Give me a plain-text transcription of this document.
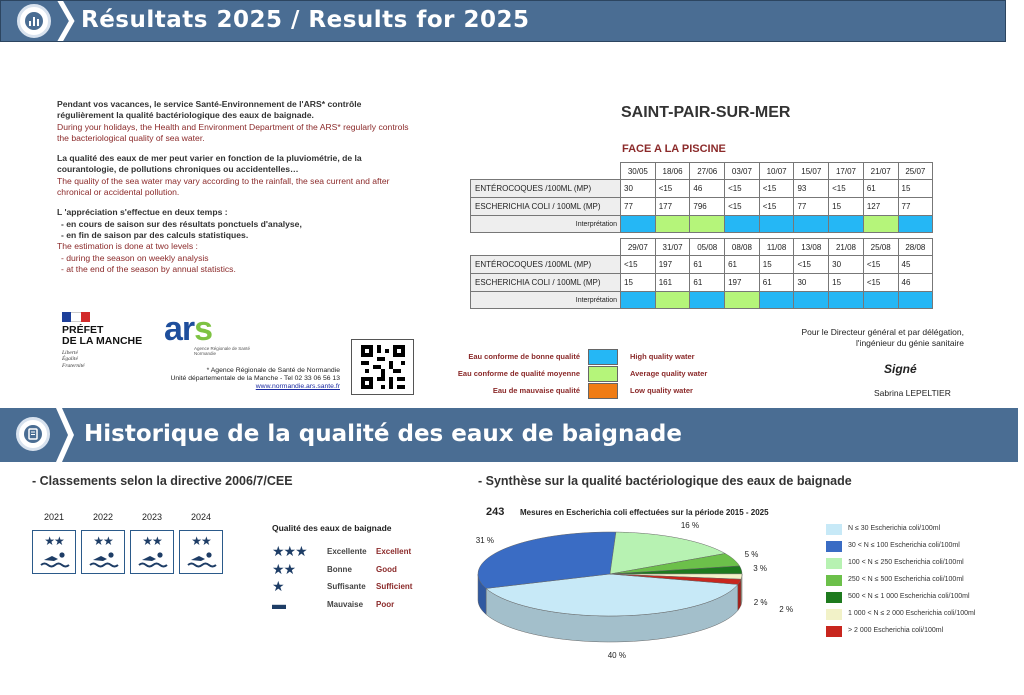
Résultats 2025 / Results for 2025

Pendant vos vacances, le service Santé-Environnement de l'ARS* contrôle régulièrement la qualité bactériologique des eaux de baignade.
During your holidays, the Health and Environment Department of the ARS* regularly controls the bacteriological quality of sea water.

La qualité des eaux de mer peut varier en fonction de la pluviométrie, de la courantologie, de pollutions chroniques ou accidentelles…
The quality of the sea water may vary according to the rainfall, the sea current and after chronical or accidental pollution.

L 'appréciation s'effectue en deux temps :
- en cours de saison sur des résultats ponctuels d'analyse,
- en fin de saison par des calculs statistiques.
The estimation is done at two levels :
- during the season on weekly analysis
- at the end of the season by annual statistics.

PRÉFET
DE LA MANCHE
Liberté
Égalité
Fraternité
ars
Agence Régionale de Santé Normandie
* Agence Régionale de Santé de Normandie
Unité départementale de la Manche - Tel 02 33 06 56 13
www.normandie.ars.sante.fr
SAINT-PAIR-SUR-MER
FACE A LA PISCINE
	30/05	18/06	27/06	03/07	10/07	15/07	17/07	21/07	25/07
ENTÉROCOQUES /100ML (MP)	30	<15	46	<15	<15	93	<15	61	15
ESCHERICHIA COLI / 100ML (MP)	77	177	796	<15	<15	77	15	127	77
Interprétation									
	29/07	31/07	05/08	08/08	11/08	13/08	21/08	25/08	28/08
ENTÉROCOQUES /100ML (MP)	<15	197	61	61	15	<15	30	<15	45
ESCHERICHIA COLI / 100ML (MP)	15	161	61	197	61	30	15	<15	46
Interprétation									
Eau conforme de bonne qualité	High quality water
Eau conforme de qualité moyenne	Average quality water
Eau de mauvaise qualité	Low quality water
Pour le Directeur général et par délégation,
l'ingénieur du génie sanitaire
Signé
Sabrina LEPELTIER
Historique de la qualité des eaux de baignade
- Classements selon la directive 2006/7/CEE
2021
★★
2022
★★
2023
★★
2024
★★
Qualité des eaux de baignade
★★★	Excellente Excellent
★★	Bonne	Good
★	Suffisante Sufficient
▬	Mauvaise Poor
- Synthèse sur la qualité bactériologique des eaux de baignade
243 Mesures en Escherichia coli effectuées sur la période 2015 - 2025
40 %
31 %
16 %
5 %
3 %
2 %
2 %
N ≤ 30 Escherichia coli/100ml
30 < N ≤ 100 Escherichia coli/100ml
100 < N ≤ 250 Escherichia coli/100ml
250 < N ≤ 500 Escherichia coli/100ml
500 < N ≤ 1 000 Escherichia coli/100ml
1 000 < N ≤ 2 000 Escherichia coli/100ml
> 2 000 Escherichia coli/100ml
